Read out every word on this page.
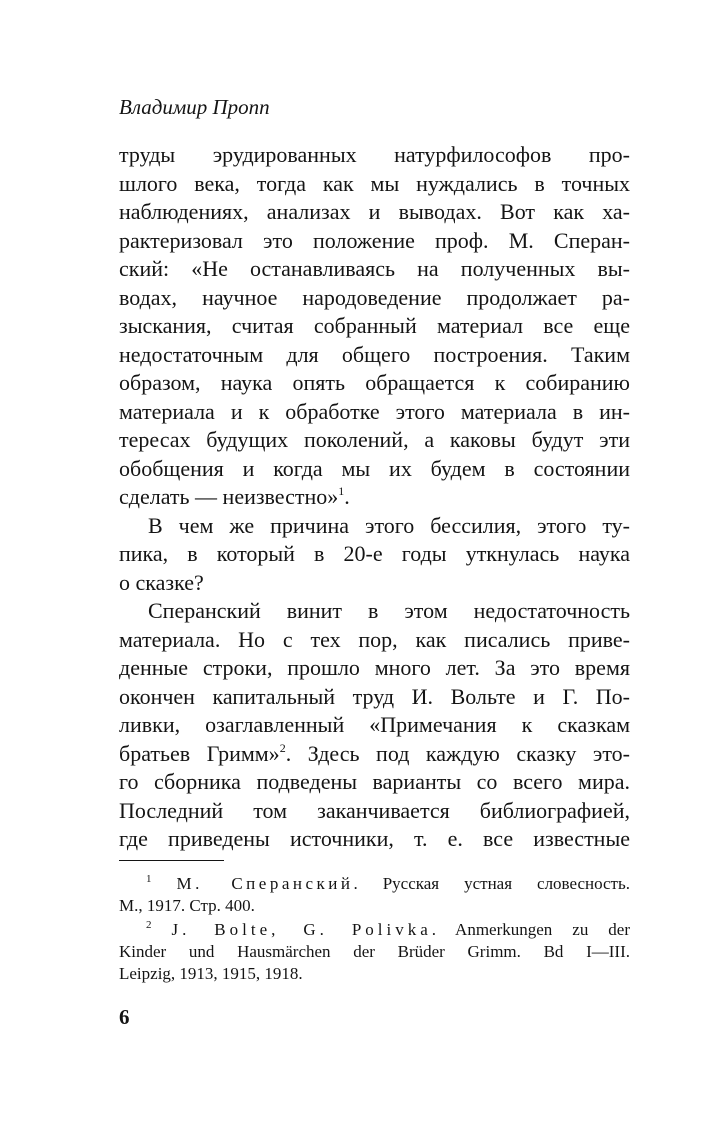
Владимир Пропп
труды эрудированных натурфилософов про-
шлого века, тогда как мы нуждались в точных
наблюдениях, анализах и выводах. Вот как ха-
рактеризовал это положение проф. М. Сперан-
ский: «Не останавливаясь на полученных вы-
водах, научное народоведение продолжает ра-
зыскания, считая собранный материал все еще
недостаточным для общего построения. Таким
образом, наука опять обращается к собиранию
материала и к обработке этого материала в ин-
тересах будущих поколений, а каковы будут эти
обобщения и когда мы их будем в состоянии
сделать — неизвестно»$^1$.
В чем же причина этого бессилия, этого ту-
пика, в который в 20-е годы уткнулась наука
о сказке?
Сперанский винит в этом недостаточность
материала. Но с тех пор, как писались приве-
денные строки, прошло много лет. За это время
окончен капитальный труд И. Вольте и Г. По-
ливки, озаглавленный «Примечания к сказкам
братьев Гримм»$^2$. Здесь под каждую сказку это-
го сборника подведены варианты со всего мира.
Последний том заканчивается библиографией,
где приведены источники, т. е. все известные
$^1$ М. Сперанский. Русская устная словесность.
М., 1917. Стр. 400.
$^2$ J. Bolte, G. Polivka. Anmerkungen zu der
Kinder und Hausmärchen der Brüder Grimm. Bd I—III.
Leipzig, 1913, 1915, 1918.
6
